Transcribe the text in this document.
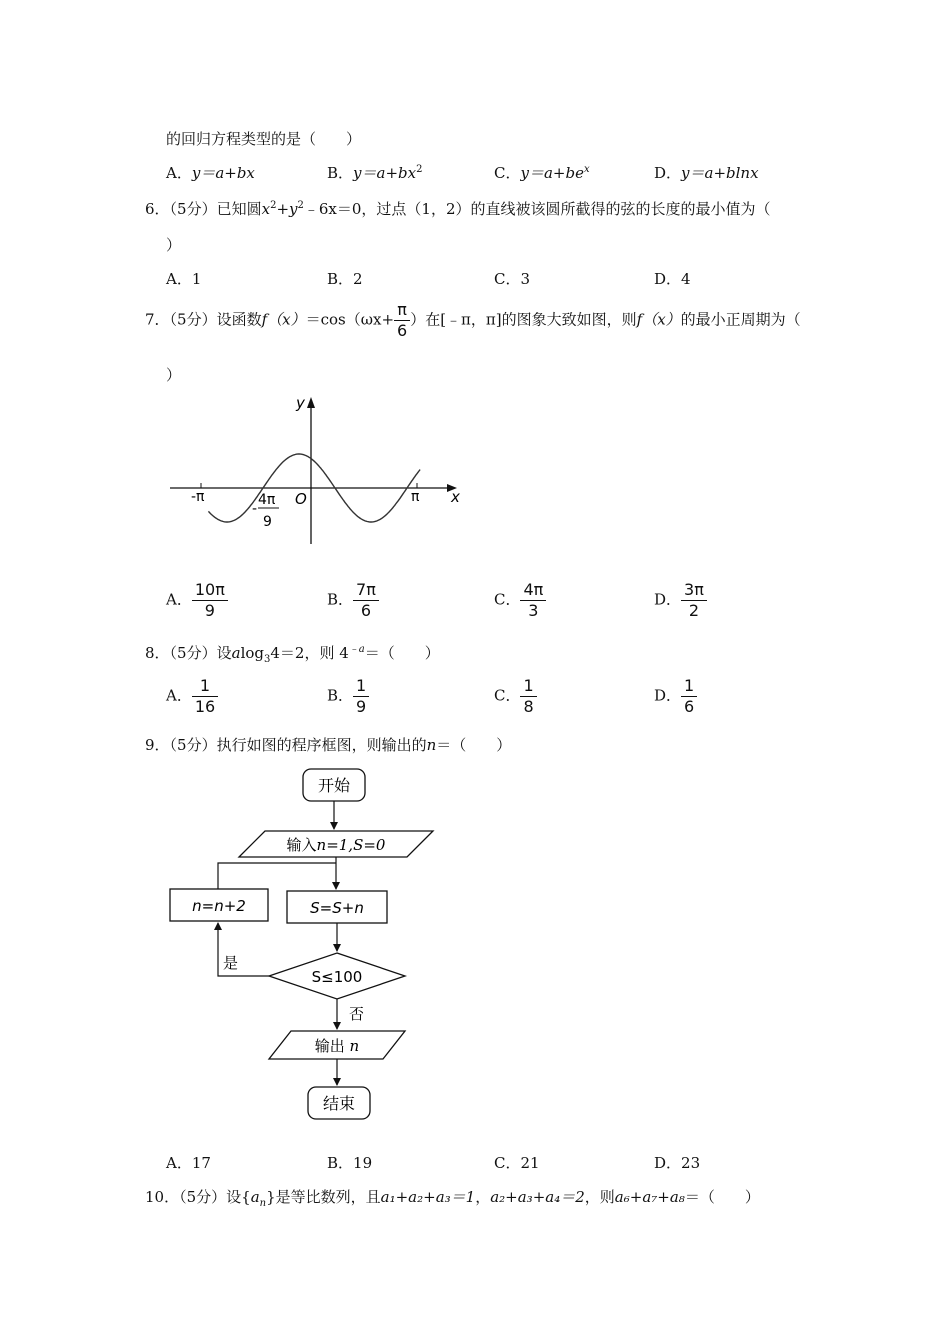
的回归方程类型的是（　　）
A．y＝a+bx	B．$y=a+bx^2$	C．$y=a+be^x$	D．y＝a+blnx
6．（5分）已知圆$x^2+y^2﹣6x=0$，过点（1，2）的直线被该圆所截得的弦的长度的最小值为（
）
A．1	B．2	C．3	D．4
7．（5分）设函数$f(x)=\cos(\omega x+ \frac{\pi}{6}$ ）在[﹣π，π]的图象大致如图，则f（x）的最小正周期为（
）
y
x
O
-π	π
-
4π
9
A． $\frac{10\pi}{9}$	B． $\frac{7\pi}{6}$	C． $\frac{4\pi}{3}$	D． $\frac{3\pi}{2}$
8．（5分）设alog$_3$4＝2，则 $4^{﹣a}=$（　　）
A． $\frac{1}{16}$	B． $\frac{1}{9}$	C． $\frac{1}{8}$	D． $\frac{1}{6}$
9．（5分）执行如图的程序框图，则输出的n＝（　　）
开始
输入n=1,S=0
n=n+2	S=S+n
S≤100
是
否
输出 n
结束
A．17	B．19	C．21	D．23
10．（5分）设$\{a_n\}$是等比数列，且a₁+a₂+a₃＝1，a₂+a₃+a₄＝2，则a₆+a₇+a₈＝（　　）
